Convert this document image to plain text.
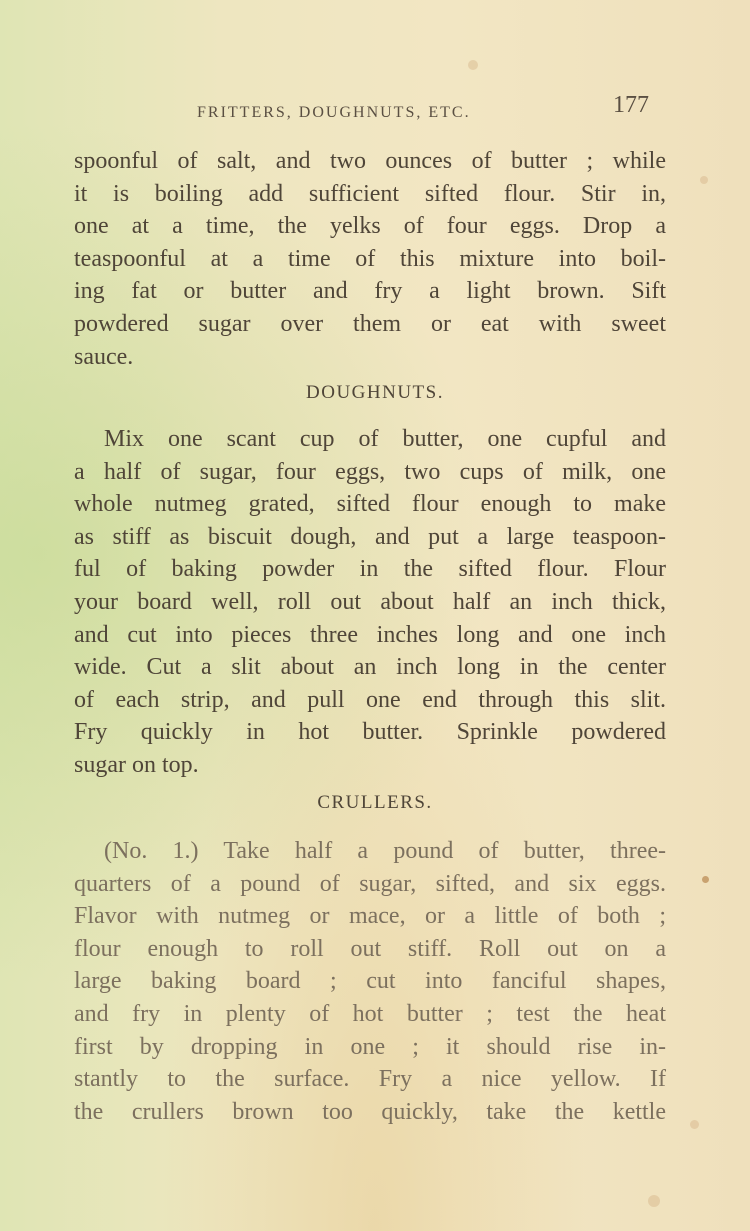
FRITTERS, DOUGHNUTS, ETC.	177
spoonful of salt, and two ounces of butter ; while
it is boiling add sufficient sifted flour. Stir in,
one at a time, the yelks of four eggs. Drop a
teaspoonful at a time of this mixture into boil-
ing fat or butter and fry a light brown. Sift
powdered sugar over them or eat with sweet
sauce.
DOUGHNUTS.
Mix one scant cup of butter, one cupful and
a half of sugar, four eggs, two cups of milk, one
whole nutmeg grated, sifted flour enough to make
as stiff as biscuit dough, and put a large teaspoon-
ful of baking powder in the sifted flour. Flour
your board well, roll out about half an inch thick,
and cut into pieces three inches long and one inch
wide. Cut a slit about an inch long in the center
of each strip, and pull one end through this slit.
Fry quickly in hot butter. Sprinkle powdered
sugar on top.
CRULLERS.
(No. 1.) Take half a pound of butter, three-
quarters of a pound of sugar, sifted, and six eggs.
Flavor with nutmeg or mace, or a little of both ;
flour enough to roll out stiff. Roll out on a
large baking board ; cut into fanciful shapes,
and fry in plenty of hot butter ; test the heat
first by dropping in one ; it should rise in-
stantly to the surface. Fry a nice yellow. If
the crullers brown too quickly, take the kettle
